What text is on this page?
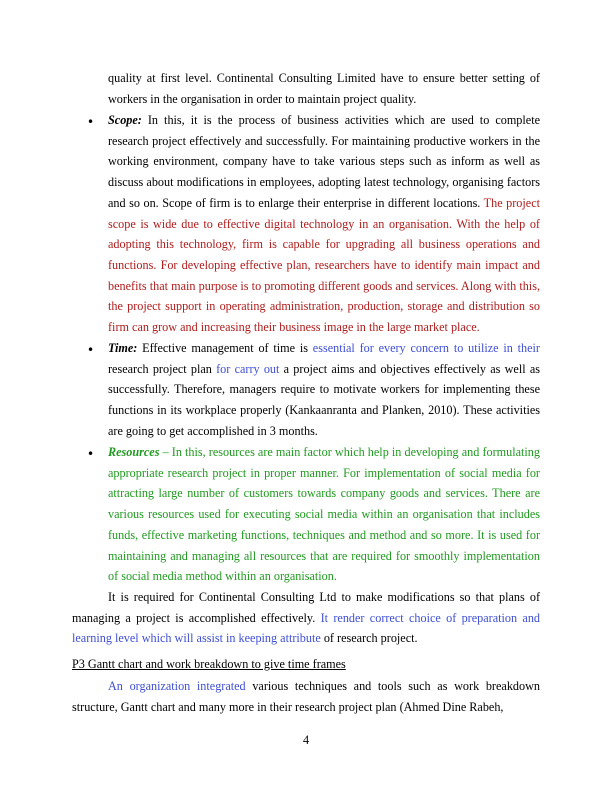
quality at first level. Continental Consulting Limited have to ensure better setting of workers in the organisation in order to maintain project quality.
• Scope: In this, it is the process of business activities which are used to complete research project effectively and successfully. For maintaining productive workers in the working environment, company have to take various steps such as inform as well as discuss about modifications in employees, adopting latest technology, organising factors and so on. Scope of firm is to enlarge their enterprise in different locations. The project scope is wide due to effective digital technology in an organisation. With the help of adopting this technology, firm is capable for upgrading all business operations and functions. For developing effective plan, researchers have to identify main impact and benefits that main purpose is to promoting different goods and services. Along with this, the project support in operating administration, production, storage and distribution so firm can grow and increasing their business image in the large market place.
• Time: Effective management of time is essential for every concern to utilize in their research project plan for carry out a project aims and objectives effectively as well as successfully. Therefore, managers require to motivate workers for implementing these functions in its workplace properly (Kankaanranta and Planken, 2010). These activities are going to get accomplished in 3 months.
• Resources – In this, resources are main factor which help in developing and formulating appropriate research project in proper manner. For implementation of social media for attracting large number of customers towards company goods and services. There are various resources used for executing social media within an organisation that includes funds, effective marketing functions, techniques and method and so more. It is used for maintaining and managing all resources that are required for smoothly implementation of social media method within an organisation.
It is required for Continental Consulting Ltd to make modifications so that plans of managing a project is accomplished effectively. It render correct choice of preparation and learning level which will assist in keeping attribute of research project.
P3 Gantt chart and work breakdown to give time frames
An organization integrated various techniques and tools such as work breakdown structure, Gantt chart and many more in their research project plan (Ahmed Dine Rabeh,
4
